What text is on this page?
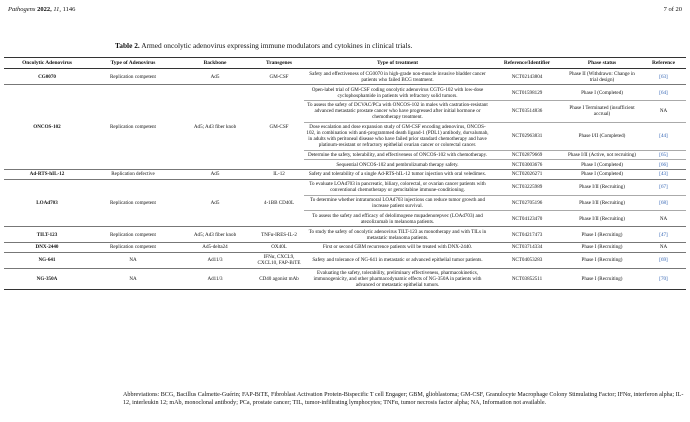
Pathogens 2022, 11, 1146	7 of 20
Table 2. Armed oncolytic adenovirus expressing immune modulators and cytokines in clinical trials.
Oncolytic Adenovirus	Type of Adenovirus	Backbone	Transgenes	Type of treatment	Reference/Identifier	Phase status	Reference
CG0070	Replication competent	Ad5	GM-CSF	Safety and effectiveness of CG0070 in high-grade non-muscle invasive bladder cancer patients who failed BCG treatment.	NCT02143804	Phase II (Withdrawn: Change in trial design)	[63]
ONCOS-102	Replication competent	Ad5; Ad3 fiber knob	GM-CSF	Open-label trial of GM-CSF coding oncolytic adenovirus CGTG-102 with low-dose cyclophosphamide in patients with refractory solid tumors.	NCT01598129	Phase I (Completed)	[64]
				To assess the safety of DCVAC/PCa with ONCOS-102 in males with castration-resistant advanced metastatic prostate cancer who have progressed after initial hormone or chemotherapy treatment.	NCT03514836	Phase I Terminated (insufficient accrual)	NA
				Dose escalation and dose expansion study of GM-CSF encoding adenovirus, ONCOS-102, in combination with anti-programmed death ligand-1 (PDL1) antibody, durvalumab, in adults with peritoneal disease who have failed prior standard chemotherapy and have platinum-resistant or refractory epithelial ovarian cancer or colorectal cancer.	NCT02963831	Phase I/II (Completed)	[44]
				Determine the safety, tolerability, and effectiveness of ONCOS-102 with chemotherapy.	NCT02879669	Phase I/II (Active, not recruiting)	[65]
				Sequential ONCOS-102 and pembrolizumab therapy safety.	NCT03003676	Phase I (Completed)	[66]
Ad-RTS-hIL-12	Replication defective	Ad5	IL-12	Safety and tolerability of a single Ad-RTS-hIL-12 tumor injection with oral veledimex.	NCT02026271	Phase I (Completed)	[43]
LOAd703	Replication competent	Ad5	4-1BB CD40L	To evaluate LOAd703 in pancreatic, biliary, colorectal, or ovarian cancer patients with conventional chemotherapy or gemcitabine immune-conditioning.	NCT03225989	Phase I/II (Recruiting)	[67]
				To determine whether intratumoral LOAd703 injections can reduce tumor growth and increase patient survival.	NCT02705196	Phase I/II (Recruiting)	[68]
				To assess the safety and efficacy of delolimogene mupadenorepvec (LOAd703) and atezolizumab in melanoma patients.	NCT04123470	Phase I/II (Recruiting)	NA
TILT-123	Replication competent	Ad5; Ad3 fiber knob	TNFα-IRES-IL-2	To study the safety of oncolytic adenovirus TILT-123 as monotherapy and with TILs in metastatic melanoma patients.	NCT04217473	Phase I (Recruiting)	[47]
DNX-2440	Replication competent	Ad5-delta24	OX40L	First or second GBM recurrence patients will be treated with DNX-2440.	NCT03714334	Phase I (Recruiting)	NA
NG-641	NA	Ad11/3	IFNα, CXCL9, CXCL10, FAP-BiTE	Safety and tolerance of NG-641 in metastatic or advanced epithelial tumor patients.	NCT04053283	Phase I (Recruiting)	[69]
NG-350A	NA	Ad11/3	CD40 agonist mAb	Evaluating the safety, tolerability, preliminary effectiveness, pharmacokinetics, immunogenicity, and other pharmacodynamic effects of NG-350A in patients with advanced or metastatic epithelial tumors.	NCT03852511	Phase I (Recruiting)	[70]
Abbreviations: BCG, Bacillus Calmette-Guérin; FAP-BiTE, Fibroblast Activation Protein-Bispecific T cell Engager; GBM, glioblastoma; GM-CSF, Granulocyte Macrophage Colony Stimulating Factor; IFNα, interferon alpha; IL-12, interleukin 12; mAb, monoclonal antibody; PCa, prostate cancer; TIL, tumor-infiltrating lymphocytes; TNFα, tumor necrosis factor alpha; NA, Information not available.
